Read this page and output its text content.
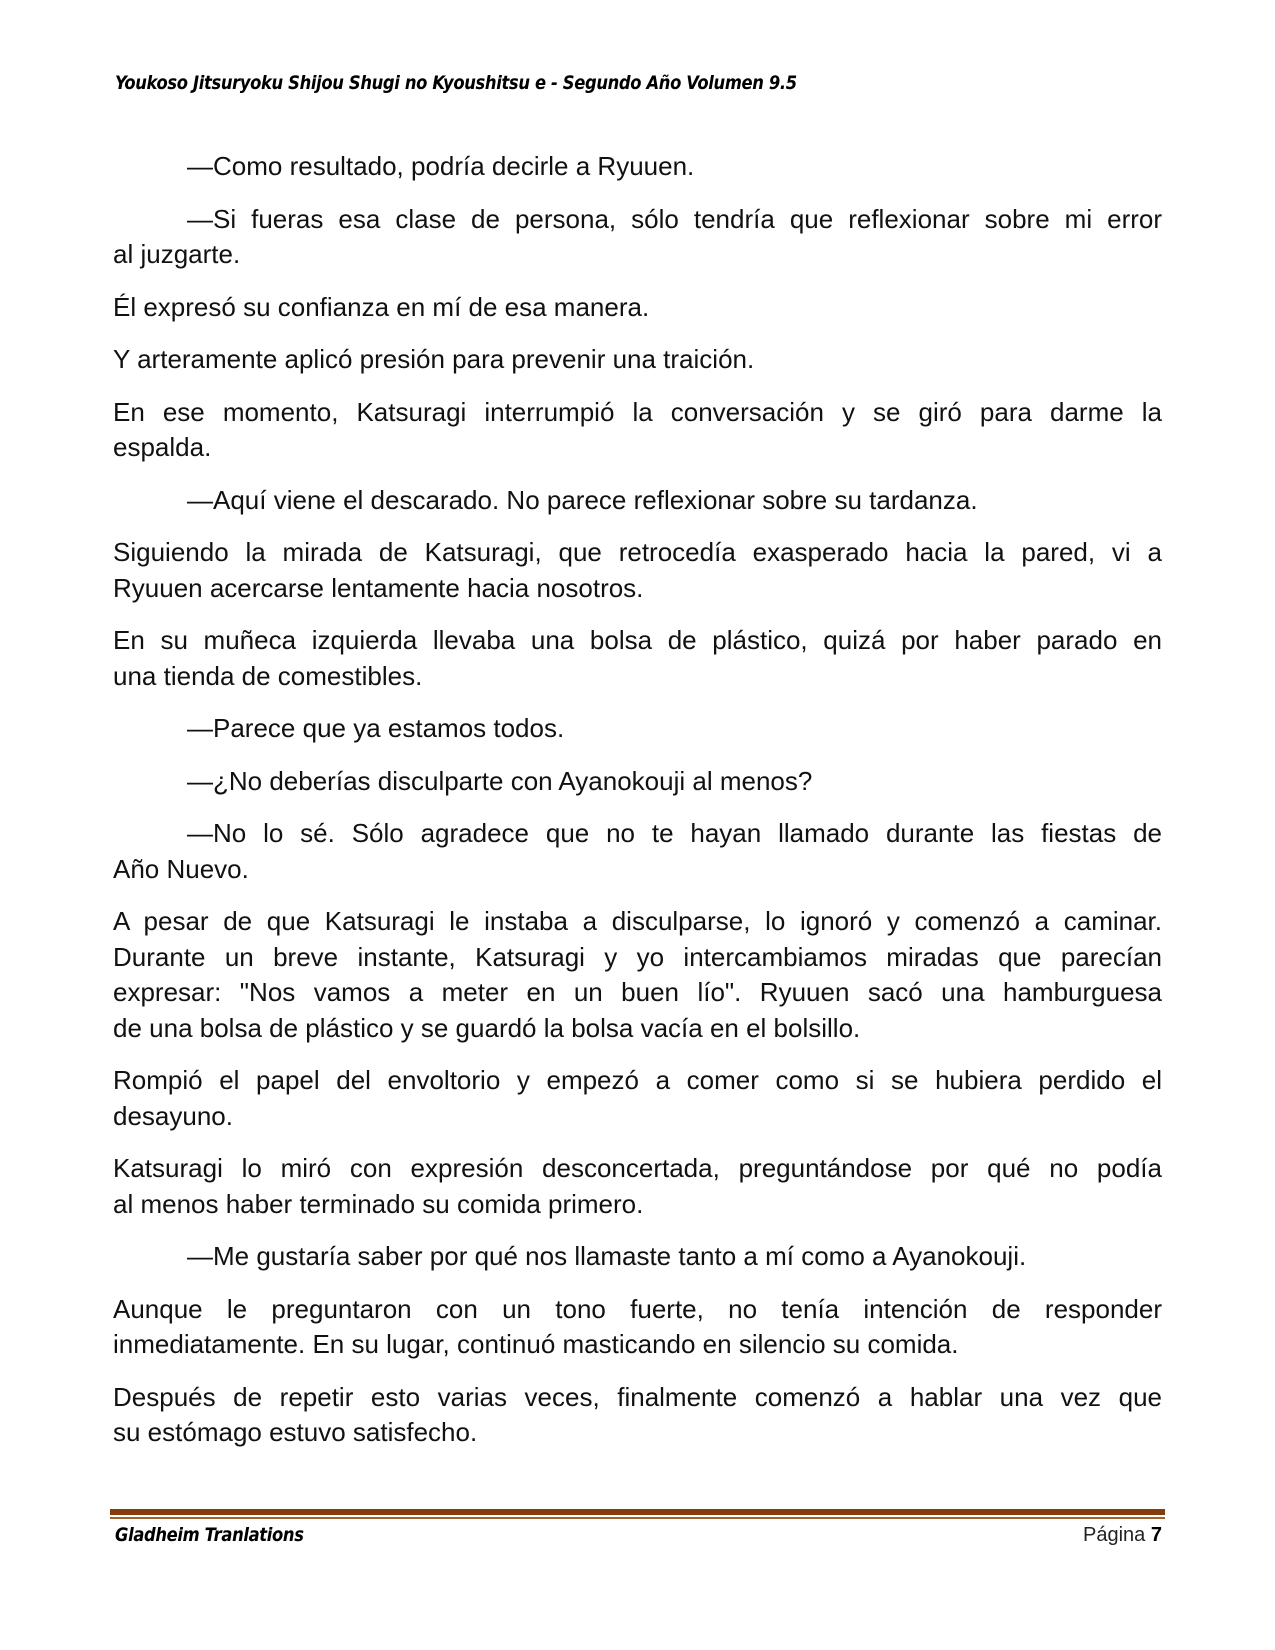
Youkoso Jitsuryoku Shijou Shugi no Kyoushitsu e - Segundo Año Volumen 9.5
—Como resultado, podría decirle a Ryuuen.
—Si fueras esa clase de persona, sólo tendría que reflexionar sobre mi error
al juzgarte.
Él expresó su confianza en mí de esa manera.
Y arteramente aplicó presión para prevenir una traición.
En ese momento, Katsuragi interrumpió la conversación y se giró para darme la
espalda.
—Aquí viene el descarado. No parece reflexionar sobre su tardanza.
Siguiendo la mirada de Katsuragi, que retrocedía exasperado hacia la pared, vi a
Ryuuen acercarse lentamente hacia nosotros.
En su muñeca izquierda llevaba una bolsa de plástico, quizá por haber parado en
una tienda de comestibles.
—Parece que ya estamos todos.
—¿No deberías disculparte con Ayanokouji al menos?
—No lo sé. Sólo agradece que no te hayan llamado durante las fiestas de
Año Nuevo.
A pesar de que Katsuragi le instaba a disculparse, lo ignoró y comenzó a caminar.
Durante un breve instante, Katsuragi y yo intercambiamos miradas que parecían
expresar: "Nos vamos a meter en un buen lío". Ryuuen sacó una hamburguesa
de una bolsa de plástico y se guardó la bolsa vacía en el bolsillo.
Rompió el papel del envoltorio y empezó a comer como si se hubiera perdido el
desayuno.
Katsuragi lo miró con expresión desconcertada, preguntándose por qué no podía
al menos haber terminado su comida primero.
—Me gustaría saber por qué nos llamaste tanto a mí como a Ayanokouji.
Aunque le preguntaron con un tono fuerte, no tenía intención de responder
inmediatamente. En su lugar, continuó masticando en silencio su comida.
Después de repetir esto varias veces, finalmente comenzó a hablar una vez que
su estómago estuvo satisfecho.
Gladheim Tranlations	Página 7
